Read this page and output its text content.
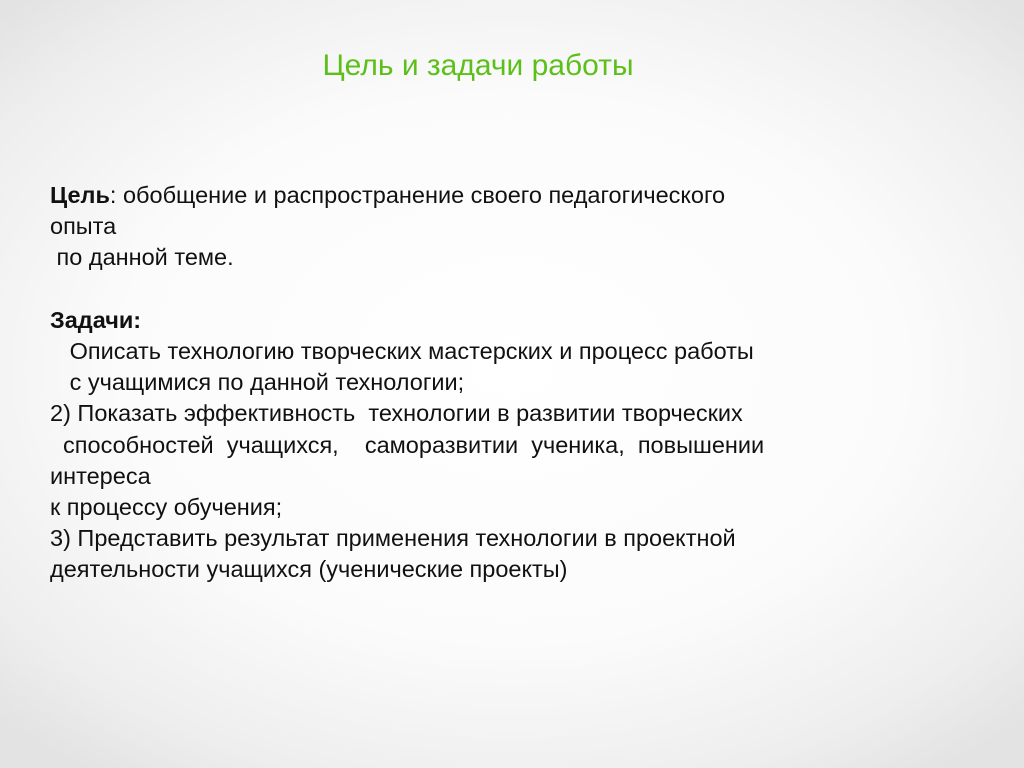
Цель и задачи работы
Цель: обобщение и распространение своего педагогического
опыта
по данной теме.
Задачи:
Описать технологию творческих мастерских и процесс работы
с учащимися по данной технологии;
2) Показать эффективность  технологии в развитии творческих
способностей  учащихся,    саморазвитии  ученика,  повышении
интереса
к процессу обучения;
3) Представить результат применения технологии в проектной
деятельности учащихся (ученические проекты)
